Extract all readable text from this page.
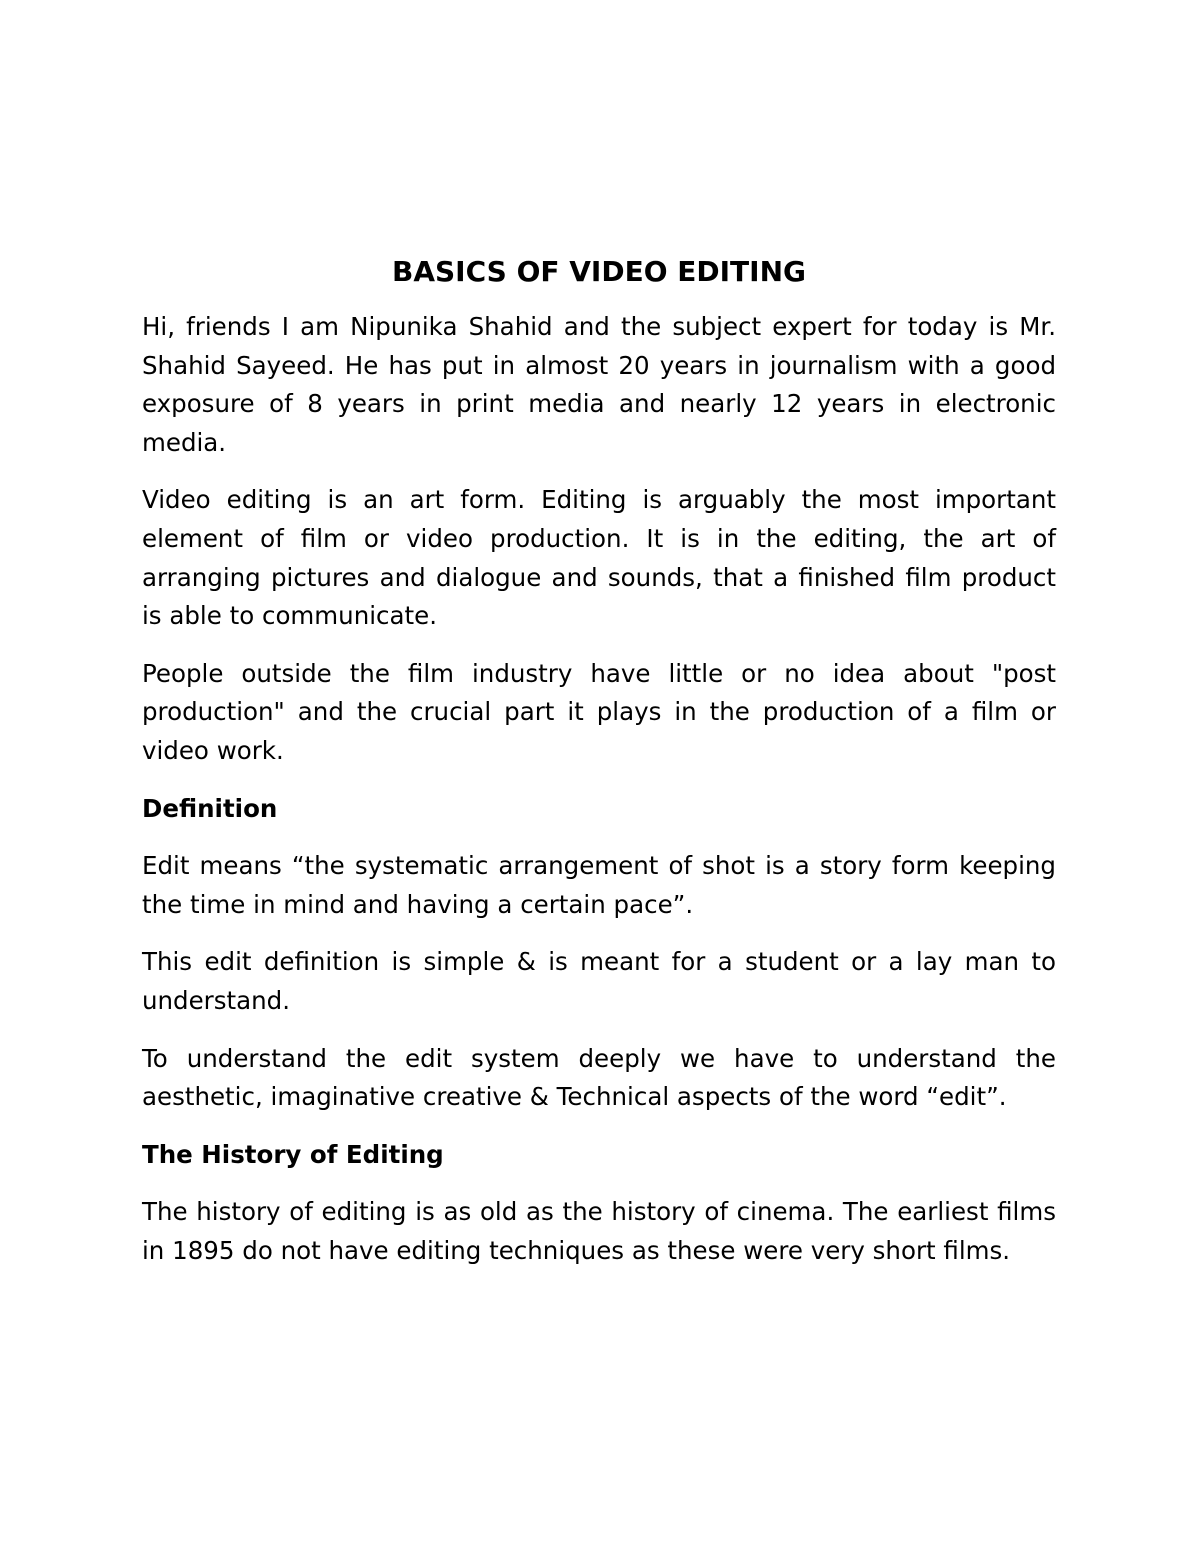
BASICS OF VIDEO EDITING

Hi, friends I am Nipunika Shahid and the subject expert for today is Mr. Shahid Sayeed. He has put in almost 20 years in journalism with a good exposure of 8 years in print media and nearly 12 years in electronic media.

Video editing is an art form. Editing is arguably the most important element of film or video production. It is in the editing, the art of arranging pictures and dialogue and sounds, that a finished film product is able to communicate.

People outside the film industry have little or no idea about "post production" and the crucial part it plays in the production of a film or video work.

Definition

Edit means “the systematic arrangement of shot is a story form keeping the time in mind and having a certain pace”.

This edit definition is simple & is meant for a student or a lay man to understand.

To understand the edit system deeply we have to understand the aesthetic, imaginative creative & Technical aspects of the word “edit”.

The History of Editing

The history of editing is as old as the history of cinema. The earliest films in 1895 do not have editing techniques as these were very short films.
